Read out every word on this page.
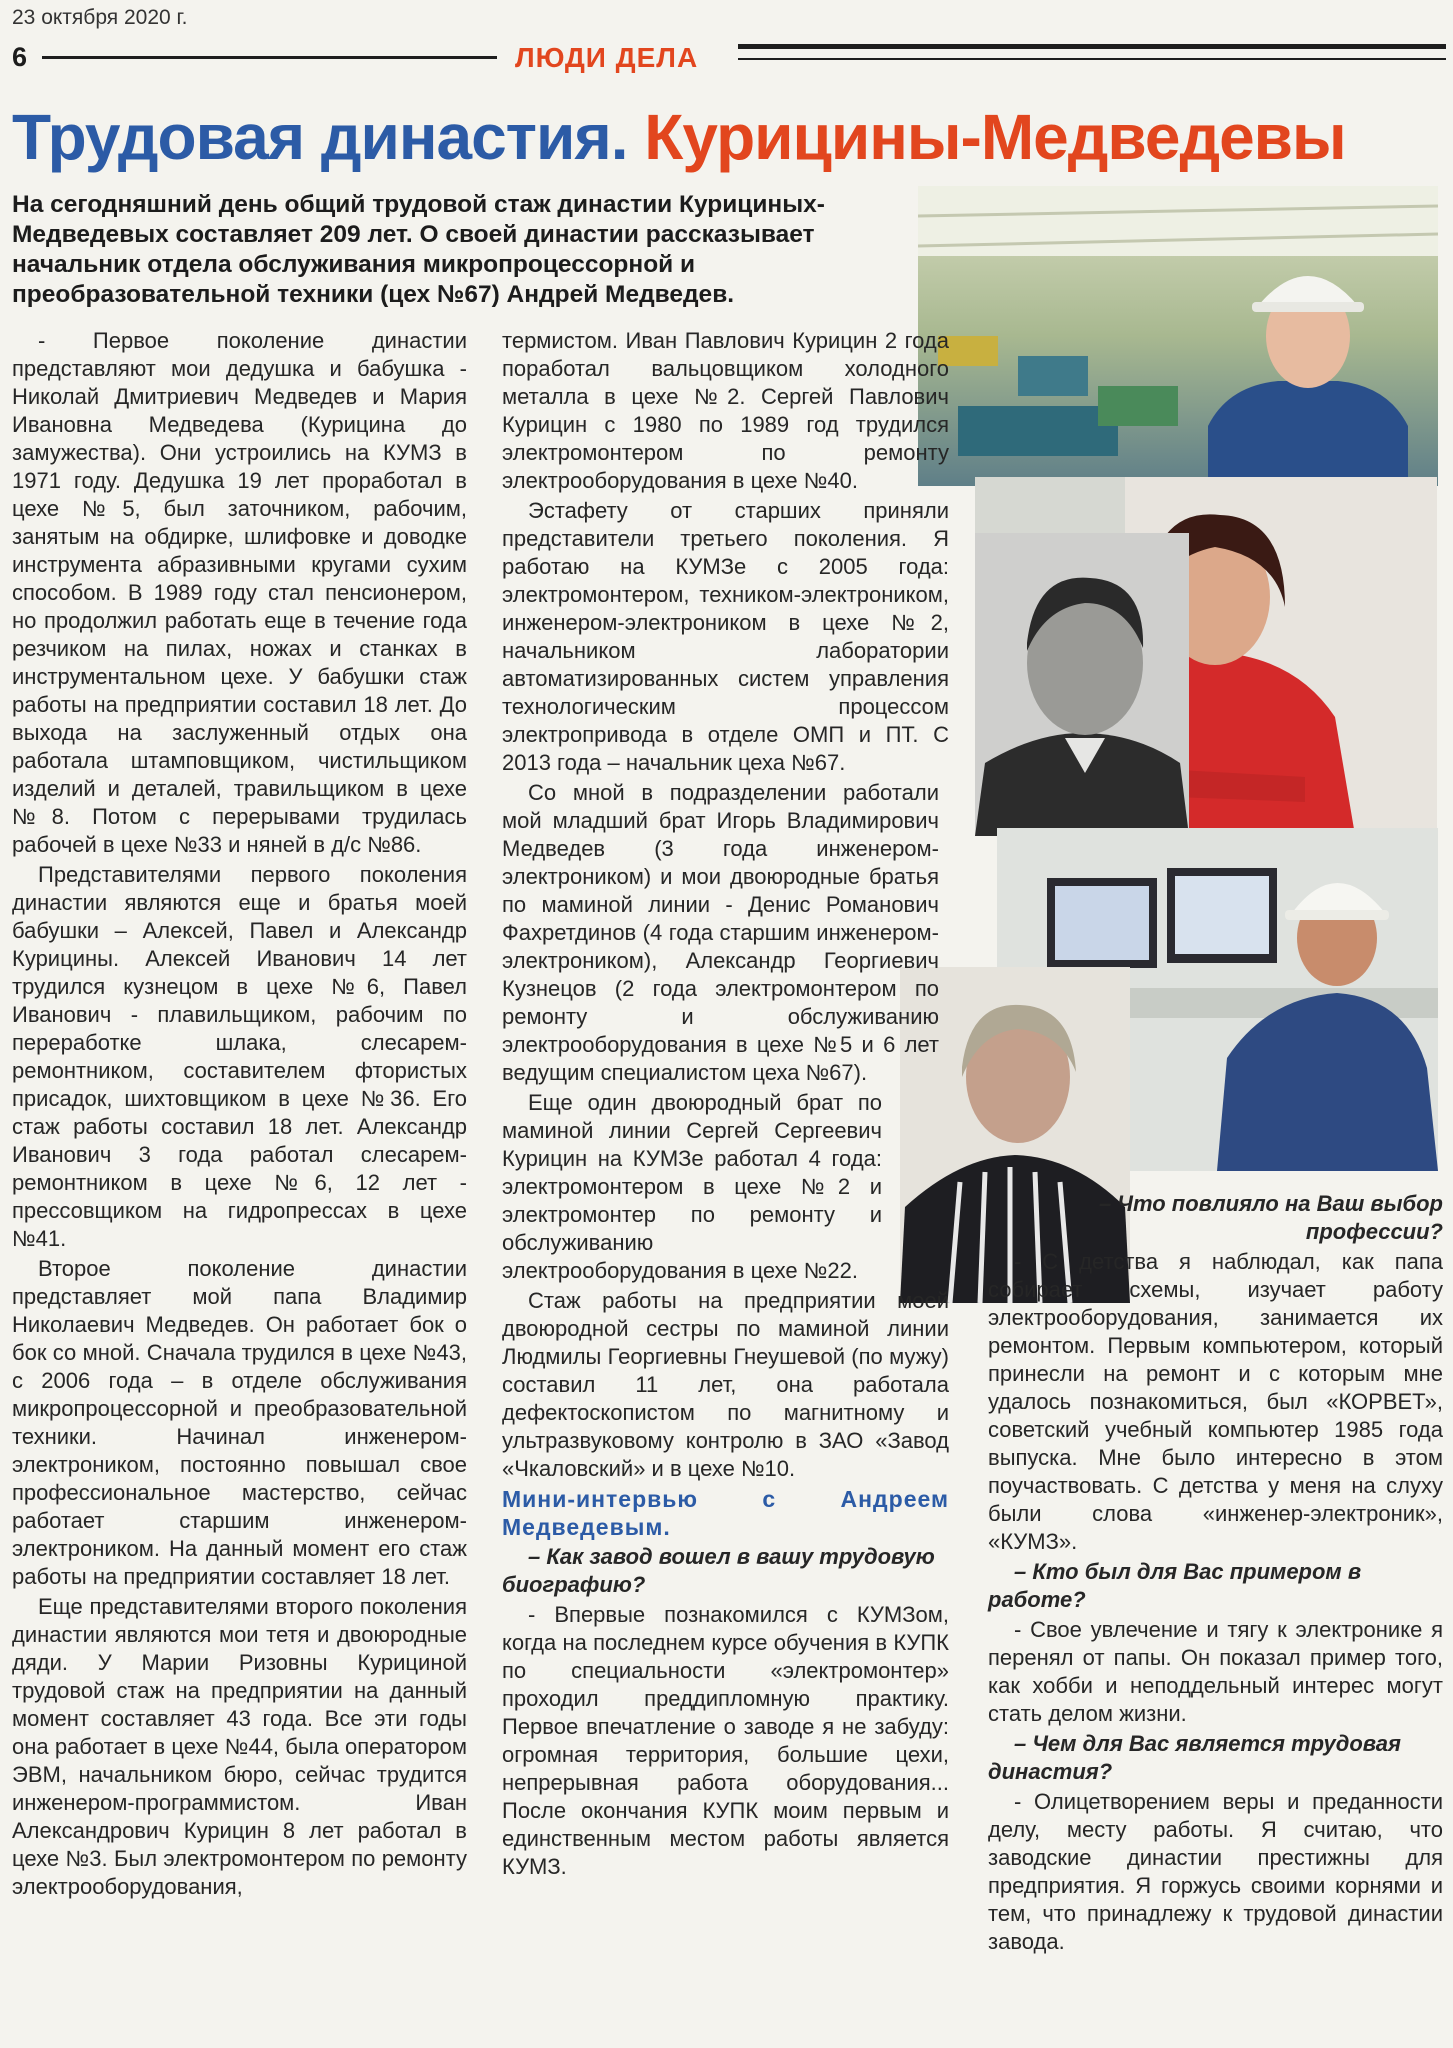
23 октября 2020 г.
6	ЛЮДИ ДЕЛА
Трудовая династия. Курицины-Медведевы
На сегодняшний день общий трудовой стаж династии Курициных-Медведевых составляет 209 лет. О своей династии рассказывает начальник отдела обслуживания микропроцессорной и преобразовательной техники (цех №67) Андрей Медведев.

- Первое поколение династии представляют мои дедушка и бабушка - Николай Дмитриевич Медведев и Мария Ивановна Медведева (Курицина до замужества). Они устроились на КУМЗ в 1971 году. Дедушка 19 лет проработал в цехе №5, был заточником, рабочим, занятым на обдирке, шлифовке и доводке инструмента абразивными кругами сухим способом. В 1989 году стал пенсионером, но продолжил работать еще в течение года резчиком на пилах, ножах и станках в инструментальном цехе. У бабушки стаж работы на предприятии составил 18 лет. До выхода на заслуженный отдых она работала штамповщиком, чистильщиком изделий и деталей, травильщиком в цехе №8. Потом с перерывами трудилась рабочей в цехе №33 и няней в д/с №86.

Представителями первого поколения династии являются еще и братья моей бабушки – Алексей, Павел и Александр Курицины. Алексей Иванович 14 лет трудился кузнецом в цехе №6, Павел Иванович - плавильщиком, рабочим по переработке шлака, слесарем-ремонтником, составителем фтористых присадок, шихтовщиком в цехе №36. Его стаж работы составил 18 лет. Александр Иванович 3 года работал слесарем-ремонтником в цехе №6, 12 лет - прессовщиком на гидропрессах в цехе №41.

Второе поколение династии представляет мой папа Владимир Николаевич Медведев. Он работает бок о бок со мной. Сначала трудился в цехе №43, с 2006 года – в отделе обслуживания микропроцессорной и преобразовательной техники. Начинал инженером-электроником, постоянно повышал свое профессиональное мастерство, сейчас работает старшим инженером-электроником. На данный момент его стаж работы на предприятии составляет 18 лет.

Еще представителями второго поколения династии являются мои тетя и двоюродные дяди. У Марии Ризовны Курициной трудовой стаж на предприятии на данный момент составляет 43 года. Все эти годы она работает в цехе №44, была оператором ЭВМ, начальником бюро, сейчас трудится инженером-программистом. Иван Александрович Курицин 8 лет работал в цехе №3. Был электромонтером по ремонту электрооборудования,

термистом. Иван Павлович Курицин 2 года поработал вальцовщиком холодного металла в цехе №2. Сергей Павлович Курицин с 1980 по 1989 год трудился электромонтером по ремонту электрооборудования в цехе №40.

Эстафету от старших приняли представители третьего поколения. Я работаю на КУМЗе с 2005 года: электромонтером, техником-электроником, инженером-электроником в цехе №2, начальником лаборатории автоматизированных систем управления технологическим процессом электропривода в отделе ОМП и ПТ. С 2013 года – начальник цеха №67.

Со мной в подразделении работали мой младший брат Игорь Владимирович Медведев (3 года инженером-электроником) и мои двоюродные братья по маминой линии - Денис Романович Фахретдинов (4 года старшим инженером-электроником), Александр Георгиевич Кузнецов (2 года электромонтером по ремонту и обслуживанию электрооборудования в цехе №5 и 6 лет ведущим специалистом цеха №67).

Еще один двоюродный брат по маминой линии Сергей Сергеевич Курицин на КУМЗе работал 4 года: электромонтером в цехе №2 и электромонтер по ремонту и обслуживанию электрооборудования в цехе №22.

Стаж работы на предприятии моей двоюродной сестры по маминой линии Людмилы Георгиевны Гнеушевой (по мужу) составил 11 лет, она работала дефектоскопистом по магнитному и ультразвуковому контролю в ЗАО «Завод «Чкаловский» и в цехе №10.

Мини-интервью с Андреем Медведевым.

– Как завод вошел в вашу трудовую биографию?

- Впервые познакомился с КУМЗом, когда на последнем курсе обучения в КУПК по специальности «электромонтер» проходил преддипломную практику. Первое впечатление о заводе я не забуду: огромная территория, большие цехи, непрерывная работа оборудования... После окончания КУПК моим первым и единственным местом работы является КУМЗ.

– Что повлияло на Ваш выбор профессии?

- С детства я наблюдал, как папа собирает схемы, изучает работу электрооборудования, занимается их ремонтом. Первым компьютером, который принесли на ремонт и с которым мне удалось познакомиться, был «КОРВЕТ», советский учебный компьютер 1985 года выпуска. Мне было интересно в этом поучаствовать. С детства у меня на слуху были слова «инженер-электроник», «КУМЗ».

– Кто был для Вас примером в работе?

- Свое увлечение и тягу к электронике я перенял от папы. Он показал пример того, как хобби и неподдельный интерес могут стать делом жизни.

– Чем для Вас является трудовая династия?

- Олицетворением веры и преданности делу, месту работы. Я считаю, что заводские династии престижны для предприятия. Я горжусь своими корнями и тем, что принадлежу к трудовой династии завода.
